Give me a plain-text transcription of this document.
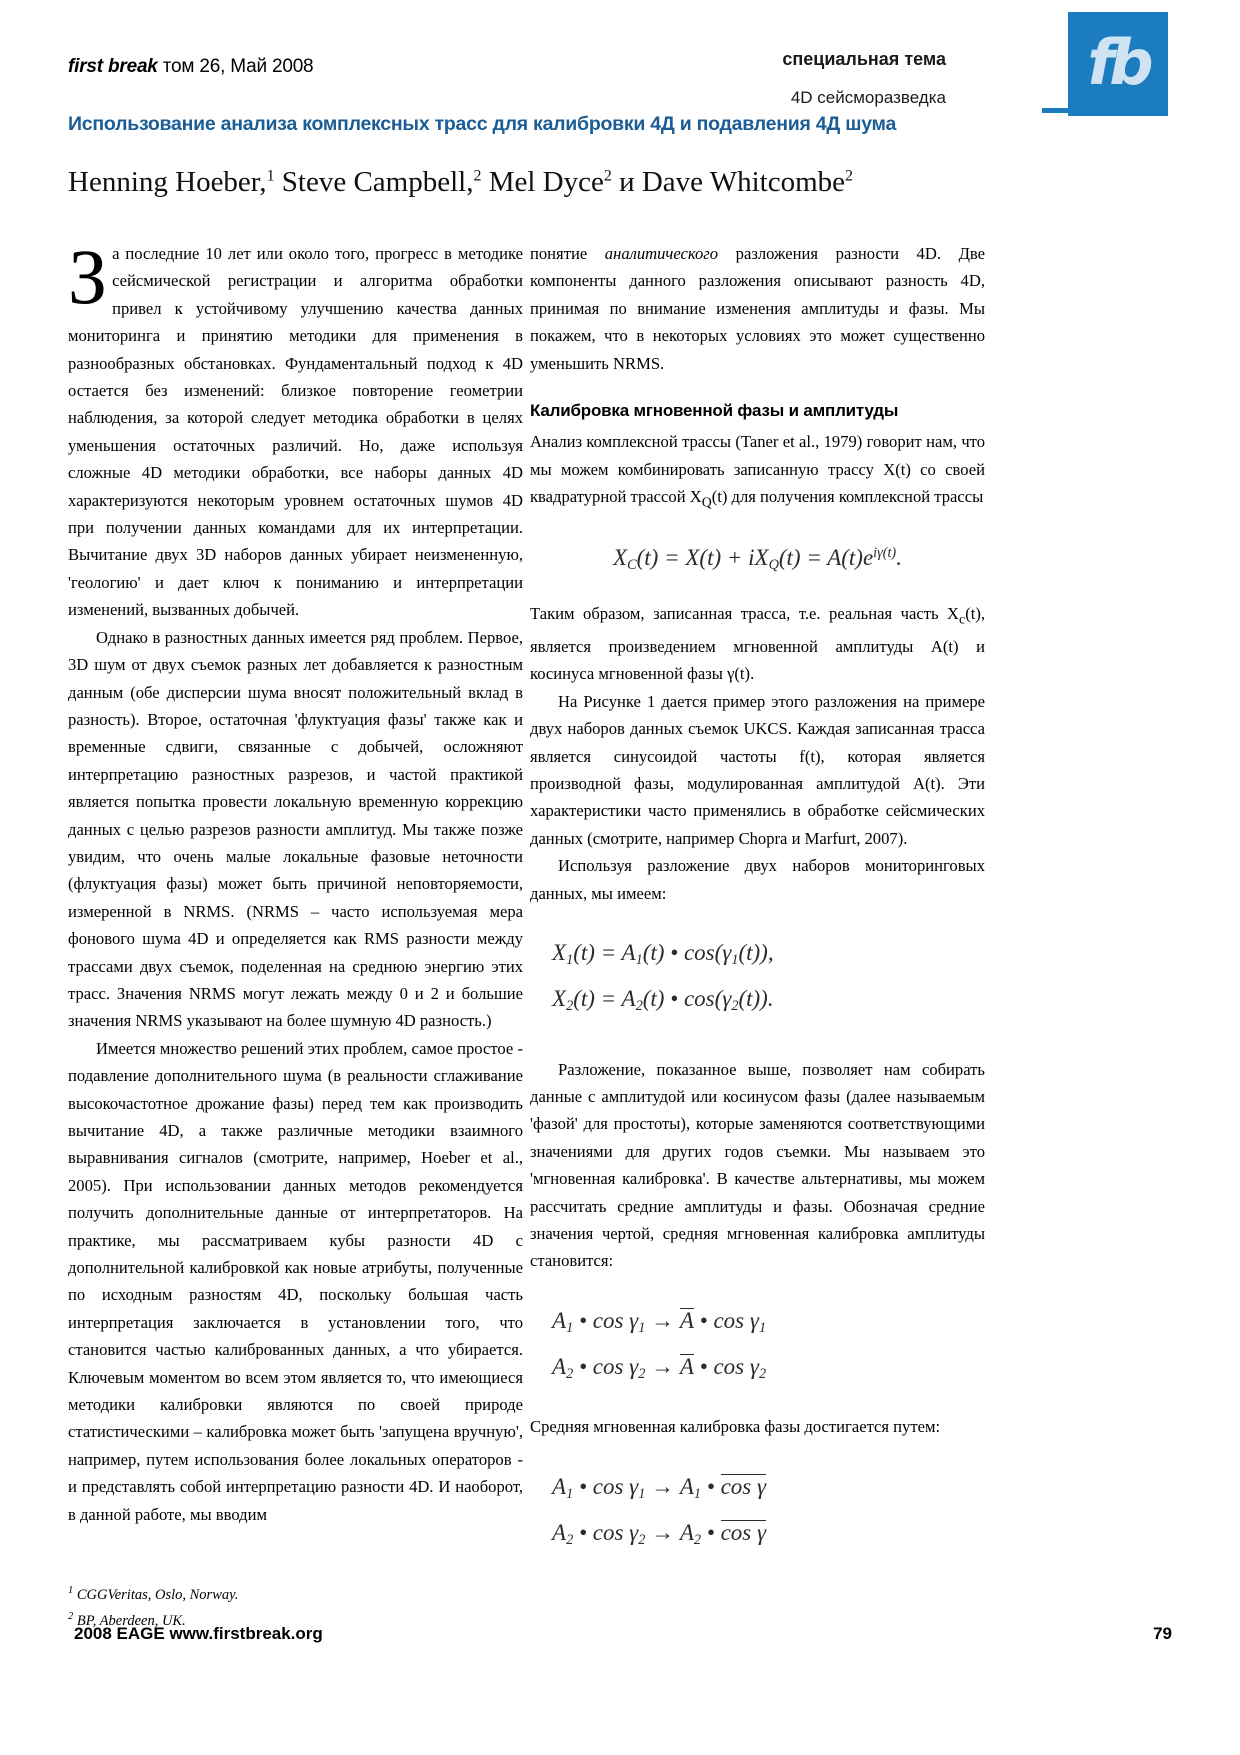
first break том 26, Май 2008	специальная тема
4D сейсморазведка	fb
Использование анализа комплексных трасс для калибровки 4Д и подавления 4Д шума
Henning Hoeber,$^1$ Steve Campbell,$^2$ Mel Dyce$^2$ и Dave Whitcombe$^2$

За последние 10 лет или около того, прогресс в методике сейсмической регистрации и алгоритма обработки привел к устойчивому улучшению качества данных мониторинга и принятию методики для применения в разнообразных обстановках. Фундаментальный подход к 4D остается без изменений: близкое повторение геометрии наблюдения, за которой следует методика обработки в целях уменьшения остаточных различий. Но, даже используя сложные 4D методики обработки, все наборы данных 4D характеризуются некоторым уровнем остаточных шумов 4D при получении данных командами для их интерпретации. Вычитание двух 3D наборов данных убирает неизмененную, 'геологию' и дает ключ к пониманию и интерпретации изменений, вызванных добычей.

Однако в разностных данных имеется ряд проблем. Первое, 3D шум от двух съемок разных лет добавляется к разностным данным (обе дисперсии шума вносят положительный вклад в разность). Второе, остаточная 'флуктуация фазы' также как и временные сдвиги, связанные с добычей, осложняют интерпретацию разностных разрезов, и частой практикой является попытка провести локальную временную коррекцию данных с целью разрезов разности амплитуд. Мы также позже увидим, что очень малые локальные фазовые неточности (флуктуация фазы) может быть причиной неповторяемости, измеренной в NRMS. (NRMS – часто используемая мера фонового шума 4D и определяется как RMS разности между трассами двух съемок, поделенная на среднюю энергию этих трасс. Значения NRMS могут лежать между 0 и 2 и большие значения NRMS указывают на более шумную 4D разность.)

Имеется множество решений этих проблем, самое простое - подавление дополнительного шума (в реальности сглаживание высокочастотное дрожание фазы) перед тем как производить вычитание 4D, а также различные методики взаимного выравнивания сигналов (смотрите, например, Hoeber et al., 2005). При использовании данных методов рекомендуется получить дополнительные данные от интерпретаторов. На практике, мы рассматриваем кубы разности 4D с дополнительной калибровкой как новые атрибуты, полученные по исходным разностям 4D, поскольку большая часть интерпретация заключается в установлении того, что становится частью калиброванных данных, а что убирается. Ключевым моментом во всем этом является то, что имеющиеся методики калибровки являются по своей природе статистическими – калибровка может быть 'запущена вручную', например, путем использования более локальных операторов - и представлять собой интерпретацию разности 4D. И наоборот, в данной работе, мы вводим

понятие аналитического разложения разности 4D. Две компоненты данного разложения описывают разность 4D, принимая по внимание изменения амплитуды и фазы. Мы покажем, что в некоторых условиях это может существенно уменьшить NRMS.

Калибровка мгновенной фазы и амплитуды

Анализ комплексной трассы (Taner et al., 1979) говорит нам, что мы можем комбинировать записанную трассу X(t) со своей квадратурной трассой $X_Q(t)$ для получения комплексной трассы

$X_C(t) = X(t) + iX_Q(t) = A(t)e^{i\gamma(t)}$.

Таким образом, записанная трасса, т.е. реальная часть $X_c(t)$, является произведением мгновенной амплитуды A(t) и косинуса мгновенной фазы γ(t).

На Рисунке 1 дается пример этого разложения на примере двух наборов данных съемок UKCS. Каждая записанная трасса является синусоидой частоты f(t), которая является производной фазы, модулированная амплитудой A(t). Эти характеристики часто применялись в обработке сейсмических данных (смотрите, например Chopra и Marfurt, 2007).

Используя разложение двух наборов мониторинговых данных, мы имеем:

$X_1(t) = A_1(t)$ • $\cos(\gamma_1(t))$,
$X_2(t) = A_2(t)$ • $\cos(\gamma_2(t))$.

Разложение, показанное выше, позволяет нам собирать данные с амплитудой или косинусом фазы (далее называемым 'фазой' для простоты), которые заменяются соответствующими значениями для других годов съемки. Мы называем это 'мгновенная калибровка'. В качестве альтернативы, мы можем рассчитать средние амплитуды и фазы. Обозначая средние значения чертой, средняя мгновенная калибровка амплитуды становится:

$A_1$ • $\cos \gamma_1 \to A$ • $\cos \gamma_1$
$A_2$ • $\cos \gamma_2 \to A$ • $\cos \gamma_2$

Средняя мгновенная калибровка фазы достигается путем:

$A_1$ • $\cos \gamma_1 \to A_1$ • cos γ
$A_2$ • $\cos \gamma_2 \to A_2$ • cos γ
$^1$ CGGVeritas, Oslo, Norway.
$^2$ BP, Aberdeen, UK.
2008 EAGE www.firstbreak.org	79
